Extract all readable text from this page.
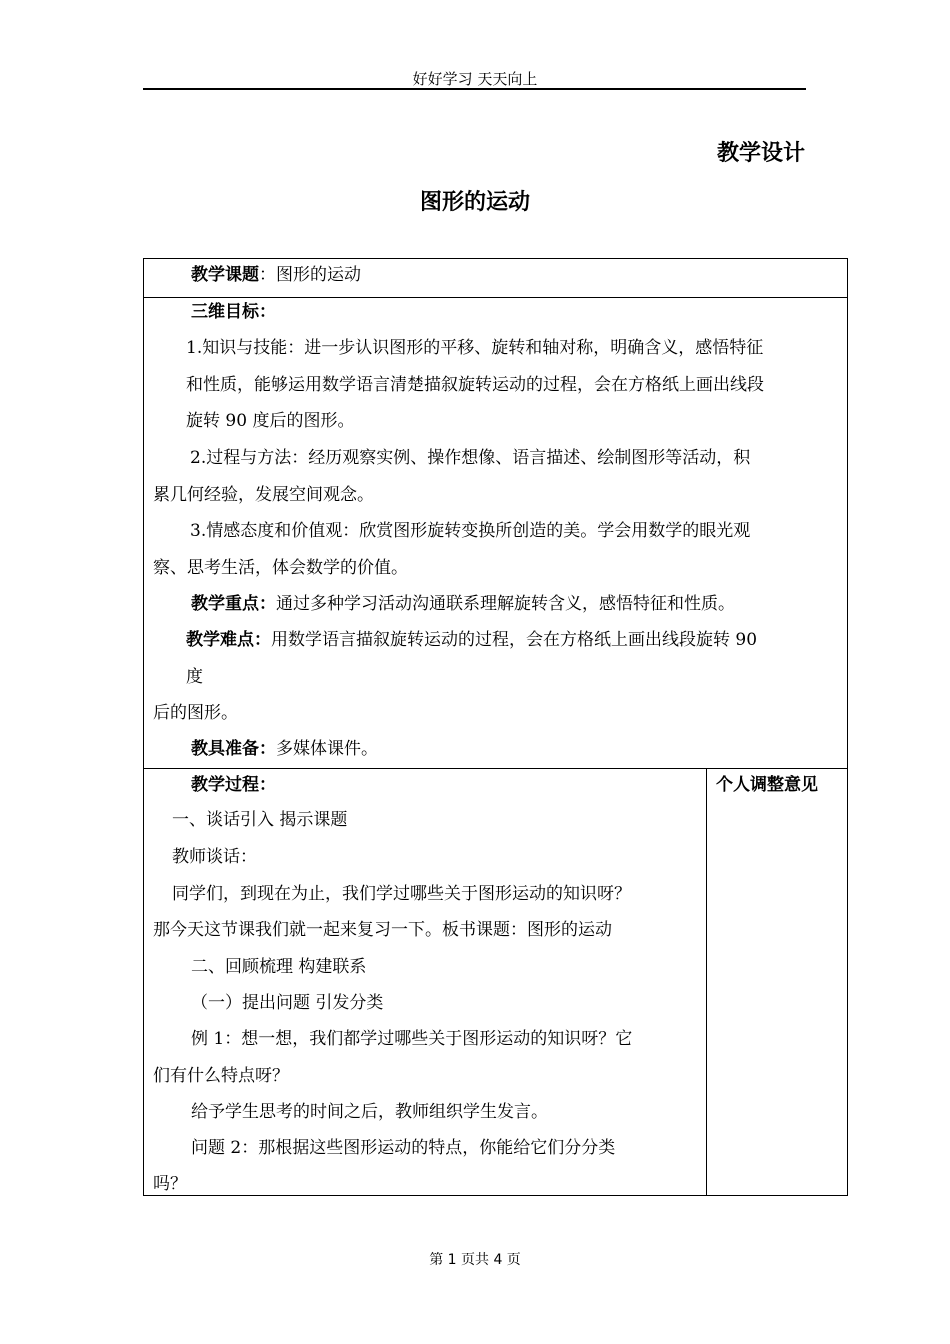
好好学习 天天向上
教学设计
图形的运动
教学课题：图形的运动
三维目标：
1.知识与技能：进一步认识图形的平移、旋转和轴对称，明确含义，感悟特征
和性质，能够运用数学语言清楚描叙旋转运动的过程，会在方格纸上画出线段
旋转 90 度后的图形。
2.过程与方法：经历观察实例、操作想像、语言描述、绘制图形等活动，积
累几何经验，发展空间观念。
3.情感态度和价值观：欣赏图形旋转变换所创造的美。学会用数学的眼光观
察、思考生活，体会数学的价值。
教学重点：通过多种学习活动沟通联系理解旋转含义，感悟特征和性质。
教学难点：用数学语言描叙旋转运动的过程，会在方格纸上画出线段旋转 90
度
后的图形。
教具准备：多媒体课件。
教学过程：	个人调整意见
一、谈话引入 揭示课题
教师谈话：
同学们，到现在为止，我们学过哪些关于图形运动的知识呀？
那今天这节课我们就一起来复习一下。板书课题：图形的运动
二、回顾梳理 构建联系
（一）提出问题 引发分类
例 1：想一想，我们都学过哪些关于图形运动的知识呀？它
们有什么特点呀？
给予学生思考的时间之后，教师组织学生发言。
问题 2：那根据这些图形运动的特点，你能给它们分分类
吗？
第 1 页共 4 页
